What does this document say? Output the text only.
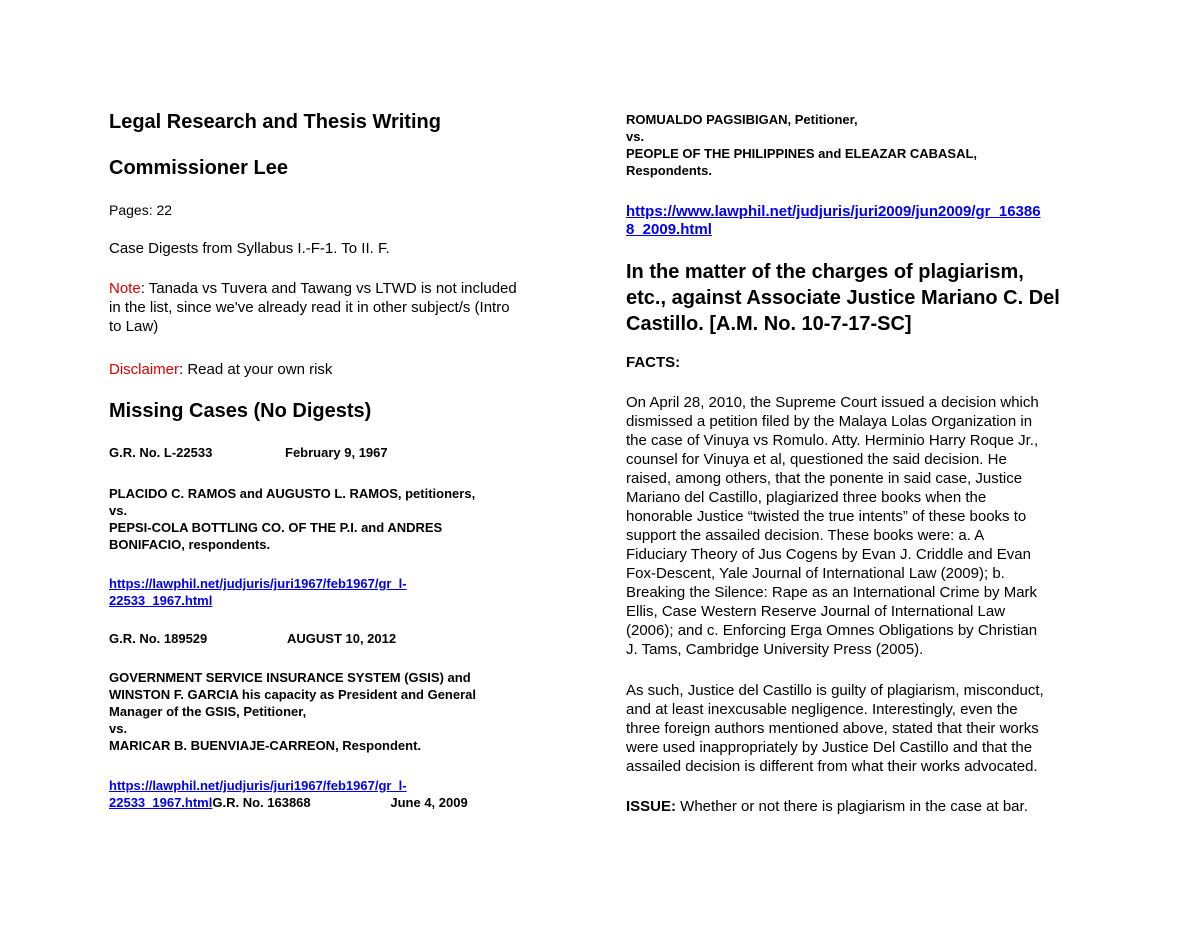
Legal Research and Thesis Writing

Commissioner Lee

Pages: 22

Case Digests from Syllabus I.-F-1. To II. F.

Note: Tanada vs Tuvera and Tawang vs LTWD is not included
in the list, since we've already read it in other subject/s (Intro
to Law)

Disclaimer: Read at your own risk

Missing Cases (No Digests)

G.R. No. L-22533	February 9, 1967

PLACIDO C. RAMOS and AUGUSTO L. RAMOS, petitioners,
vs.
PEPSI-COLA BOTTLING CO. OF THE P.I. and ANDRES
BONIFACIO, respondents.
https://lawphil.net/judjuris/juri1967/feb1967/gr_l-
22533_1967.html

G.R. No. 189529	AUGUST 10, 2012

GOVERNMENT SERVICE INSURANCE SYSTEM (GSIS) and
WINSTON F. GARCIA his capacity as President and General
Manager of the GSIS, Petitioner,
vs.
MARICAR B. BUENVIAJE-CARREON, Respondent.
https://lawphil.net/judjuris/juri1967/feb1967/gr_l-
22533_1967.htmlG.R. No. 163868	June 4, 2009
ROMUALDO PAGSIBIGAN, Petitioner,
vs.
PEOPLE OF THE PHILIPPINES and ELEAZAR CABASAL,
Respondents.
https://www.lawphil.net/judjuris/juri2009/jun2009/gr_16386
8_2009.html
In the matter of the charges of plagiarism,
etc., against Associate Justice Mariano C. Del
Castillo. [A.M. No. 10-7-17-SC]

FACTS:

On April 28, 2010, the Supreme Court issued a decision which
dismissed a petition filed by the Malaya Lolas Organization in
the case of Vinuya vs Romulo. Atty. Herminio Harry Roque Jr.,
counsel for Vinuya et al, questioned the said decision. He
raised, among others, that the ponente in said case, Justice
Mariano del Castillo, plagiarized three books when the
honorable Justice “twisted the true intents” of these books to
support the assailed decision. These books were: a. A
Fiduciary Theory of Jus Cogens by Evan J. Criddle and Evan
Fox-Descent, Yale Journal of International Law (2009); b.
Breaking the Silence: Rape as an International Crime by Mark
Ellis, Case Western Reserve Journal of International Law
(2006); and c. Enforcing Erga Omnes Obligations by Christian
J. Tams, Cambridge University Press (2005).
As such, Justice del Castillo is guilty of plagiarism, misconduct,
and at least inexcusable negligence. Interestingly, even the
three foreign authors mentioned above, stated that their works
were used inappropriately by Justice Del Castillo and that the
assailed decision is different from what their works advocated.

ISSUE: Whether or not there is plagiarism in the case at bar.
